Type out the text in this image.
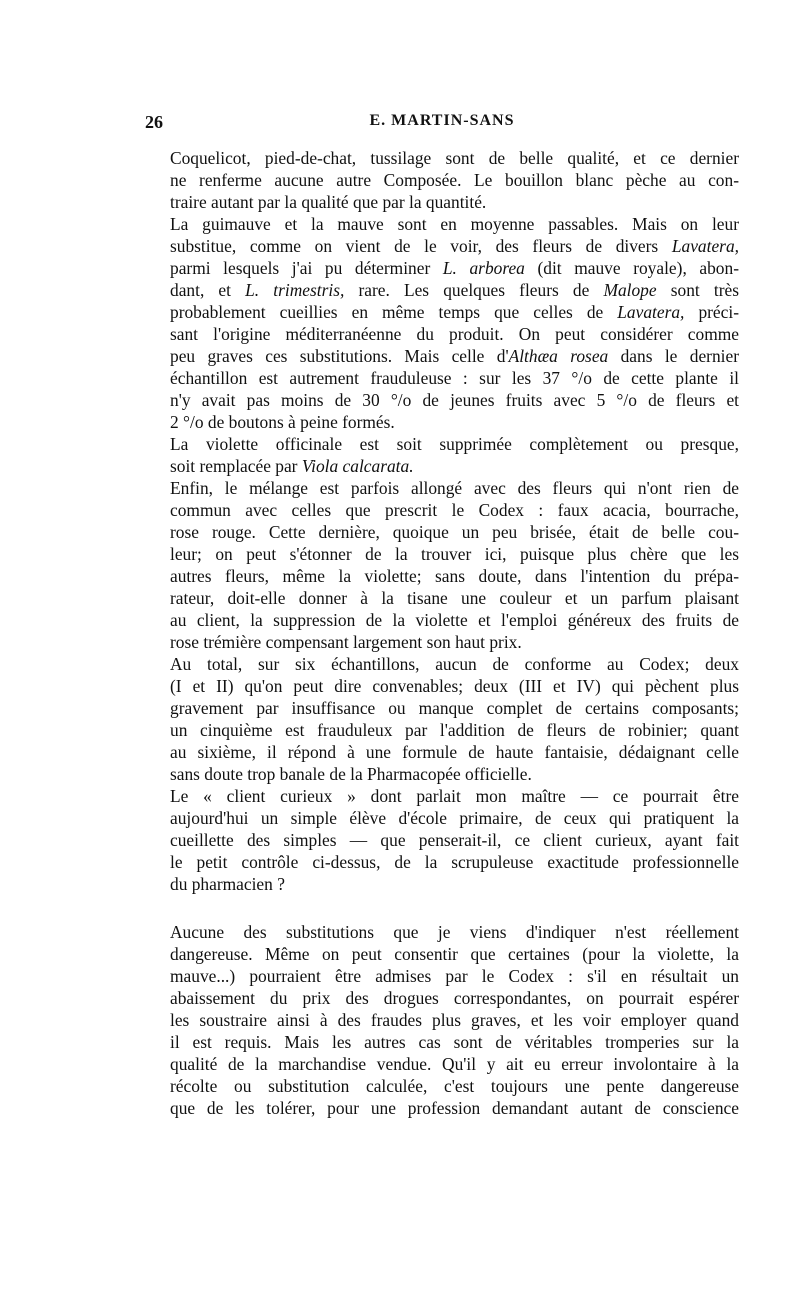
26	E. MARTIN-SANS

Coquelicot, pied-de-chat, tussilage sont de belle qualité, et ce dernier
ne renferme aucune autre Composée. Le bouillon blanc pèche au con-
traire autant par la qualité que par la quantité.

La guimauve et la mauve sont en moyenne passables. Mais on leur
substitue, comme on vient de le voir, des fleurs de divers Lavatera,
parmi lesquels j'ai pu déterminer L. arborea (dit mauve royale), abon-
dant, et L. trimestris, rare. Les quelques fleurs de Malope sont très
probablement cueillies en même temps que celles de Lavatera, préci-
sant l'origine méditerranéenne du produit. On peut considérer comme
peu graves ces substitutions. Mais celle d'Althæa rosea dans le dernier
échantillon est autrement frauduleuse : sur les 37 °/o de cette plante il
n'y avait pas moins de 30 °/o de jeunes fruits avec 5 °/o de fleurs et
2 °/o de boutons à peine formés.

La violette officinale est soit supprimée complètement ou presque,
soit remplacée par Viola calcarata.

Enfin, le mélange est parfois allongé avec des fleurs qui n'ont rien de
commun avec celles que prescrit le Codex : faux acacia, bourrache,
rose rouge. Cette dernière, quoique un peu brisée, était de belle cou-
leur; on peut s'étonner de la trouver ici, puisque plus chère que les
autres fleurs, même la violette; sans doute, dans l'intention du prépa-
rateur, doit-elle donner à la tisane une couleur et un parfum plaisant
au client, la suppression de la violette et l'emploi généreux des fruits de
rose trémière compensant largement son haut prix.

Au total, sur six échantillons, aucun de conforme au Codex; deux
(I et II) qu'on peut dire convenables; deux (III et IV) qui pèchent plus
gravement par insuffisance ou manque complet de certains composants;
un cinquième est frauduleux par l'addition de fleurs de robinier; quant
au sixième, il répond à une formule de haute fantaisie, dédaignant celle
sans doute trop banale de la Pharmacopée officielle.

Le « client curieux » dont parlait mon maître — ce pourrait être
aujourd'hui un simple élève d'école primaire, de ceux qui pratiquent la
cueillette des simples — que penserait-il, ce client curieux, ayant fait
le petit contrôle ci-dessus, de la scrupuleuse exactitude professionnelle
du pharmacien ?

Aucune des substitutions que je viens d'indiquer n'est réellement
dangereuse. Même on peut consentir que certaines (pour la violette, la
mauve...) pourraient être admises par le Codex : s'il en résultait un
abaissement du prix des drogues correspondantes, on pourrait espérer
les soustraire ainsi à des fraudes plus graves, et les voir employer quand
il est requis. Mais les autres cas sont de véritables tromperies sur la
qualité de la marchandise vendue. Qu'il y ait eu erreur involontaire à la
récolte ou substitution calculée, c'est toujours une pente dangereuse
que de les tolérer, pour une profession demandant autant de conscience
